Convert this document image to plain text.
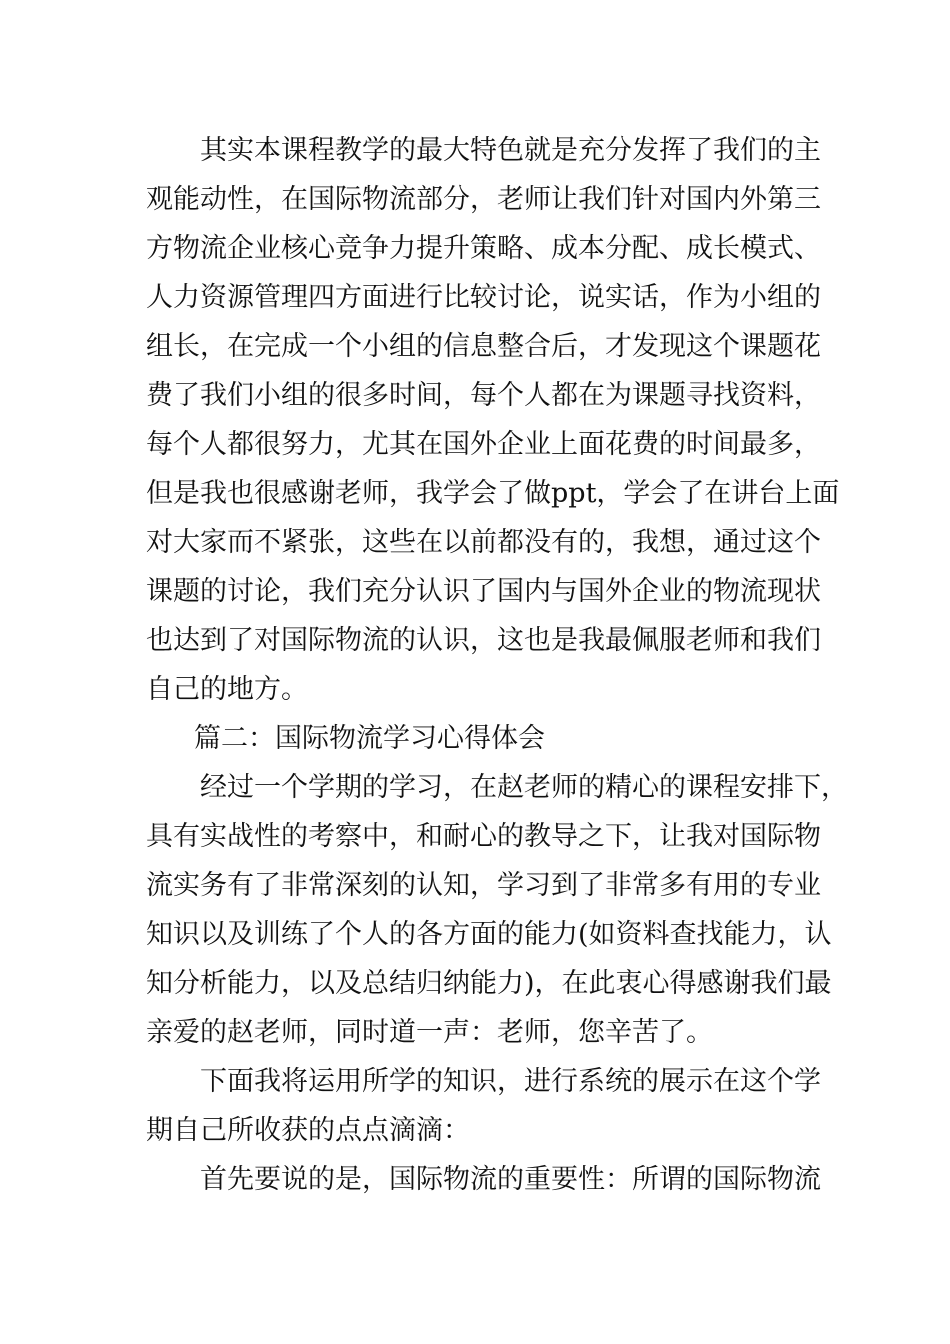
其实本课程教学的最大特色就是充分发挥了我们的主
观能动性，在国际物流部分，老师让我们针对国内外第三
方物流企业核心竞争力提升策略、成本分配、成长模式、
人力资源管理四方面进行比较讨论，说实话，作为小组的
组长，在完成一个小组的信息整合后，才发现这个课题花
费了我们小组的很多时间，每个人都在为课题寻找资料，
每个人都很努力，尤其在国外企业上面花费的时间最多，
但是我也很感谢老师，我学会了做ppt，学会了在讲台上面
对大家而不紧张，这些在以前都没有的，我想，通过这个
课题的讨论，我们充分认识了国内与国外企业的物流现状
也达到了对国际物流的认识，这也是我最佩服老师和我们
自己的地方。
篇二：国际物流学习心得体会
经过一个学期的学习，在赵老师的精心的课程安排下，
具有实战性的考察中，和耐心的教导之下，让我对国际物
流实务有了非常深刻的认知，学习到了非常多有用的专业
知识以及训练了个人的各方面的能力(如资料查找能力，认
知分析能力，以及总结归纳能力)，在此衷心得感谢我们最
亲爱的赵老师，同时道一声：老师，您辛苦了。
下面我将运用所学的知识，进行系统的展示在这个学
期自己所收获的点点滴滴：
首先要说的是，国际物流的重要性：所谓的国际物流
